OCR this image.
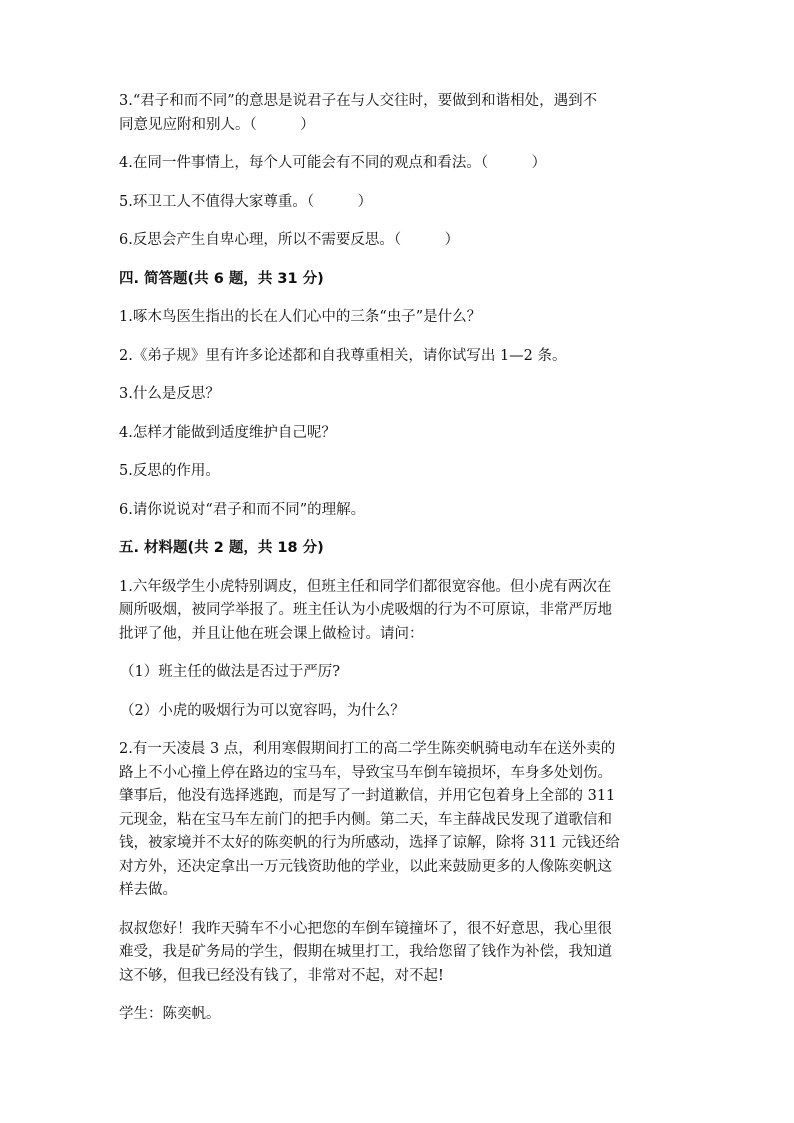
3.“君子和而不同”的意思是说君子在与人交往时，要做到和谐相处，遇到不

同意见应附和别人。（　　　）

4.在同一件事情上，每个人可能会有不同的观点和看法。（　　　）

5.环卫工人不值得大家尊重。（　　　）

6.反思会产生自卑心理，所以不需要反思。（　　　）

四. 简答题(共 6 题，共 31 分)

1.啄木鸟医生指出的长在人们心中的三条“虫子”是什么？

2.《弟子规》里有许多论述都和自我尊重相关，请你试写出 1—2 条。

3.什么是反思？

4.怎样才能做到适度维护自己呢？

5.反思的作用。

6.请你说说对“君子和而不同”的理解。

五. 材料题(共 2 题，共 18 分)

1.六年级学生小虎特别调皮，但班主任和同学们都很宽容他。但小虎有两次在

厕所吸烟，被同学举报了。班主任认为小虎吸烟的行为不可原谅，非常严厉地

批评了他，并且让他在班会课上做检讨。请问：

（1）班主任的做法是否过于严厉?

（2）小虎的吸烟行为可以宽容吗，为什么？

2.有一天凌晨 3 点，利用寒假期间打工的高二学生陈奕帆骑电动车在送外卖的

路上不小心撞上停在路边的宝马车，导致宝马车倒车镜损坏，车身多处划伤。

肇事后，他没有选择逃跑，而是写了一封道歉信，并用它包着身上全部的 311

元现金，粘在宝马车左前门的把手内侧。第二天，车主薛战民发现了道歌信和

钱，被家境并不太好的陈奕帆的行为所感动，选择了谅解，除将 311 元钱还给

对方外，还决定拿出一万元钱资助他的学业，以此来鼓励更多的人像陈奕帆这

样去做。

叔叔您好！我昨天骑车不小心把您的车倒车镜撞坏了，很不好意思，我心里很

难受，我是矿务局的学生，假期在城里打工，我给您留了钱作为补偿，我知道

这不够，但我已经没有钱了，非常对不起，对不起!

学生：陈奕帆。
